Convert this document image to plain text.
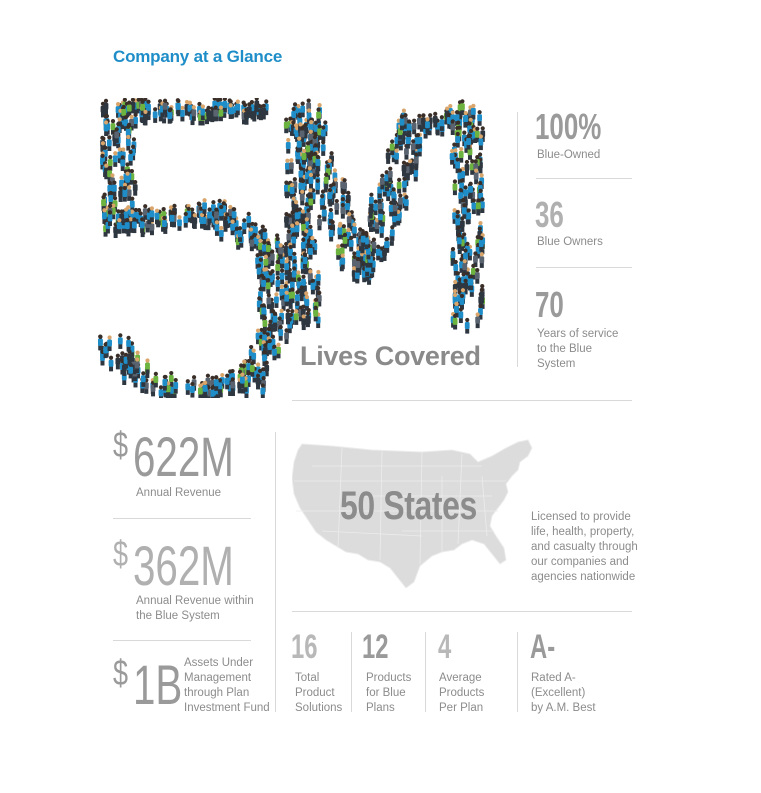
Company at a Glance
Lives Covered
100%
Blue-Owned
36
Blue Owners
70
Years of service
to the Blue
System
$ 622M
Annual Revenue
$ 362M
Annual Revenue within
the Blue System
$ 1B Assets Under
Management
through Plan
Investment Fund
50 States	Licensed to provide
life, health, property,
and casualty through
our companies and
agencies nationwide
16
Total
Product
Solutions
12
Products
for Blue
Plans
4
Average
Products
Per Plan
A-
Rated A-
(Excellent)
by A.M. Best
